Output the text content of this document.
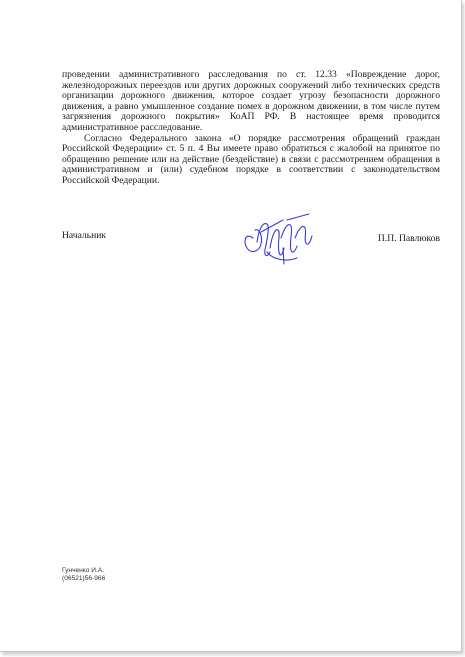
проведении административного расследования по ст. 12.33 «Повреждение дорог, железнодорожных переездов или других дорожных сооружений либо технических средств организации дорожного движения, которое создает угрозу безопасности дорожного движения, а равно умышленное создание помех в дорожном движении, в том числе путем загрязнения дорожного покрытия» КоАП РФ. В настоящее время проводится административное расследование.

Согласно Федерального закона «О порядке рассмотрения обращений граждан Российской Федерации» ст. 5 п. 4 Вы имеете право обратиться с жалобой на принятое по обращению решение или на действие (бездействие) в связи с рассмотрением обращения в административном и (или) судебном порядке в соответствии с законодательством Российской Федерации.

Начальник	П.П. Павлюков
Гунченко И.А.
(06521)56-966
